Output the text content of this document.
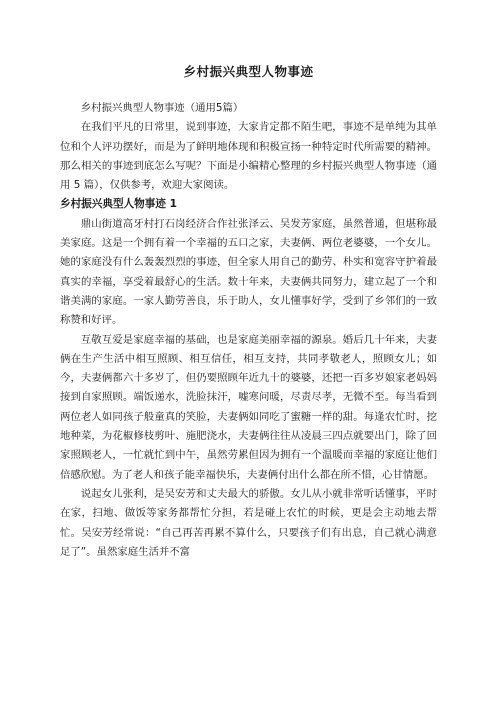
乡村振兴典型人物事迹

乡村振兴典型人物事迹（通用5篇）

在我们平凡的日常里，说到事迹，大家肯定都不陌生吧，事迹不是单纯为其单位和个人评功摆好，而是为了鲜明地体现和积极宣扬一种特定时代所需要的精神。那么相关的事迹到底怎么写呢？下面是小编精心整理的乡村振兴典型人物事迹（通用 5 篇），仅供参考，欢迎大家阅读。

乡村振兴典型人物事迹 1

鼎山街道高牙村打石岗经济合作社张泽云、吴发芳家庭，虽然普通，但堪称最美家庭。这是一个拥有着一个幸福的五口之家，夫妻俩、两位老婆婆，一个女儿。她的家庭没有什么轰轰烈烈的事迹，但全家人用自己的勤劳、朴实和宽容守护着最真实的幸福，享受着最舒心的生活。数十年来，夫妻俩共同努力，建立起了一个和谐美满的家庭。一家人勤劳善良，乐于助人，女儿懂事好学，受到了乡邻们的一致称赞和好评。

互敬互爱是家庭幸福的基础，也是家庭美丽幸福的源泉。婚后几十年来，夫妻俩在生产生活中相互照顾、相互信任，相互支持，共同孝敬老人，照顾女儿；如今，夫妻俩都六十多岁了，但仍要照顾年近九十的婆婆，还把一百多岁娘家老妈妈接到自家照顾。端饭递水，洗脸抹汗，嘘寒问暖，尽责尽孝，无微不至。每当看到两位老人如同孩子般童真的笑脸，夫妻俩如同吃了蜜糖一样的甜。每逢农忙时，挖地种菜，为花椒修枝剪叶、施肥浇水，夫妻俩往往从凌晨三四点就要出门，除了回家照顾老人，一忙就忙到中午，虽然劳累但因为拥有一个温暖而幸福的家庭让他们倍感欣慰。为了老人和孩子能幸福快乐，夫妻俩付出什么都在所不惜，心甘情愿。

说起女儿张利，是吴安芳和丈夫最大的骄傲。女儿从小就非常听话懂事，平时在家，扫地、做饭等家务都帮忙分担，若是碰上农忙的时候，更是会主动地去帮忙。吴安芳经常说：“自己再苦再累不算什么，只要孩子们有出息，自己就心满意足了”。虽然家庭生活并不富
